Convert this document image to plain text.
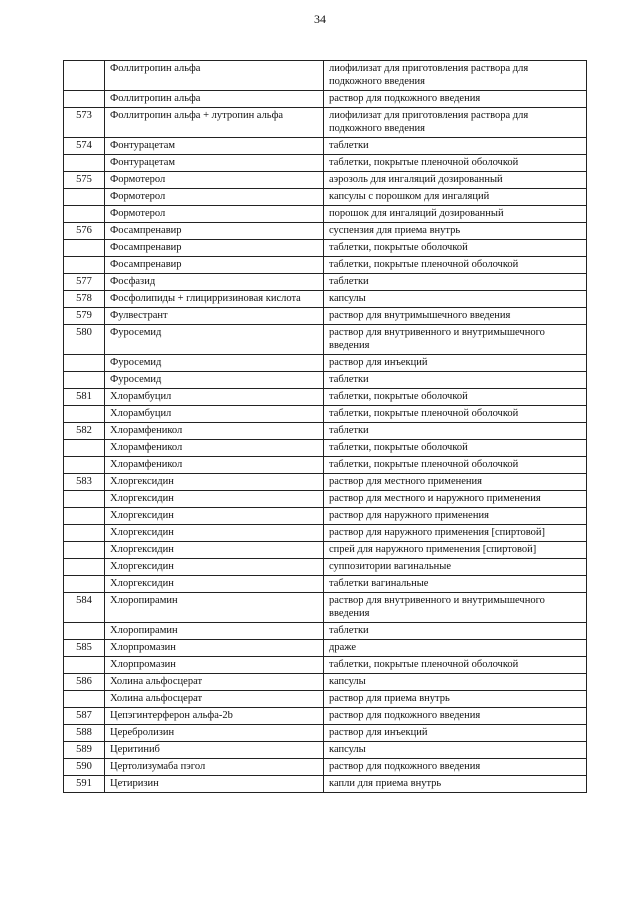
34
	Фоллитропин альфа	лиофилизат для приготовления раствора для подкожного введения
	Фоллитропин альфа	раствор для подкожного введения
573	Фоллитропин альфа + лутропин альфа	лиофилизат для приготовления раствора для подкожного введения
574	Фонтурацетам	таблетки
	Фонтурацетам	таблетки, покрытые пленочной оболочкой
575	Формотерол	аэрозоль для ингаляций дозированный
	Формотерол	капсулы с порошком для ингаляций
	Формотерол	порошок для ингаляций дозированный
576	Фосампренавир	суспензия для приема внутрь
	Фосампренавир	таблетки, покрытые оболочкой
	Фосампренавир	таблетки, покрытые пленочной оболочкой
577	Фосфазид	таблетки
578	Фосфолипиды + глицирризиновая кислота	капсулы
579	Фулвестрант	раствор для внутримышечного введения
580	Фуросемид	раствор для внутривенного и внутримышечного введения
	Фуросемид	раствор для инъекций
	Фуросемид	таблетки
581	Хлорамбуцил	таблетки, покрытые оболочкой
	Хлорамбуцил	таблетки, покрытые пленочной оболочкой
582	Хлорамфеникол	таблетки
	Хлорамфеникол	таблетки, покрытые оболочкой
	Хлорамфеникол	таблетки, покрытые пленочной оболочкой
583	Хлоргексидин	раствор для местного применения
	Хлоргексидин	раствор для местного и наружного применения
	Хлоргексидин	раствор для наружного применения
	Хлоргексидин	раствор для наружного применения [спиртовой]
	Хлоргексидин	спрей для наружного применения [спиртовой]
	Хлоргексидин	суппозитории вагинальные
	Хлоргексидин	таблетки вагинальные
584	Хлоропирамин	раствор для внутривенного и внутримышечного введения
	Хлоропирамин	таблетки
585	Хлорпромазин	драже
	Хлорпромазин	таблетки, покрытые пленочной оболочкой
586	Холина альфосцерат	капсулы
	Холина альфосцерат	раствор для приема внутрь
587	Цепэгинтерферон альфа-2b	раствор для подкожного введения
588	Церебролизин	раствор для инъекций
589	Церитиниб	капсулы
590	Цертолизумаба пэгол	раствор для подкожного введения
591	Цетиризин	капли для приема внутрь
